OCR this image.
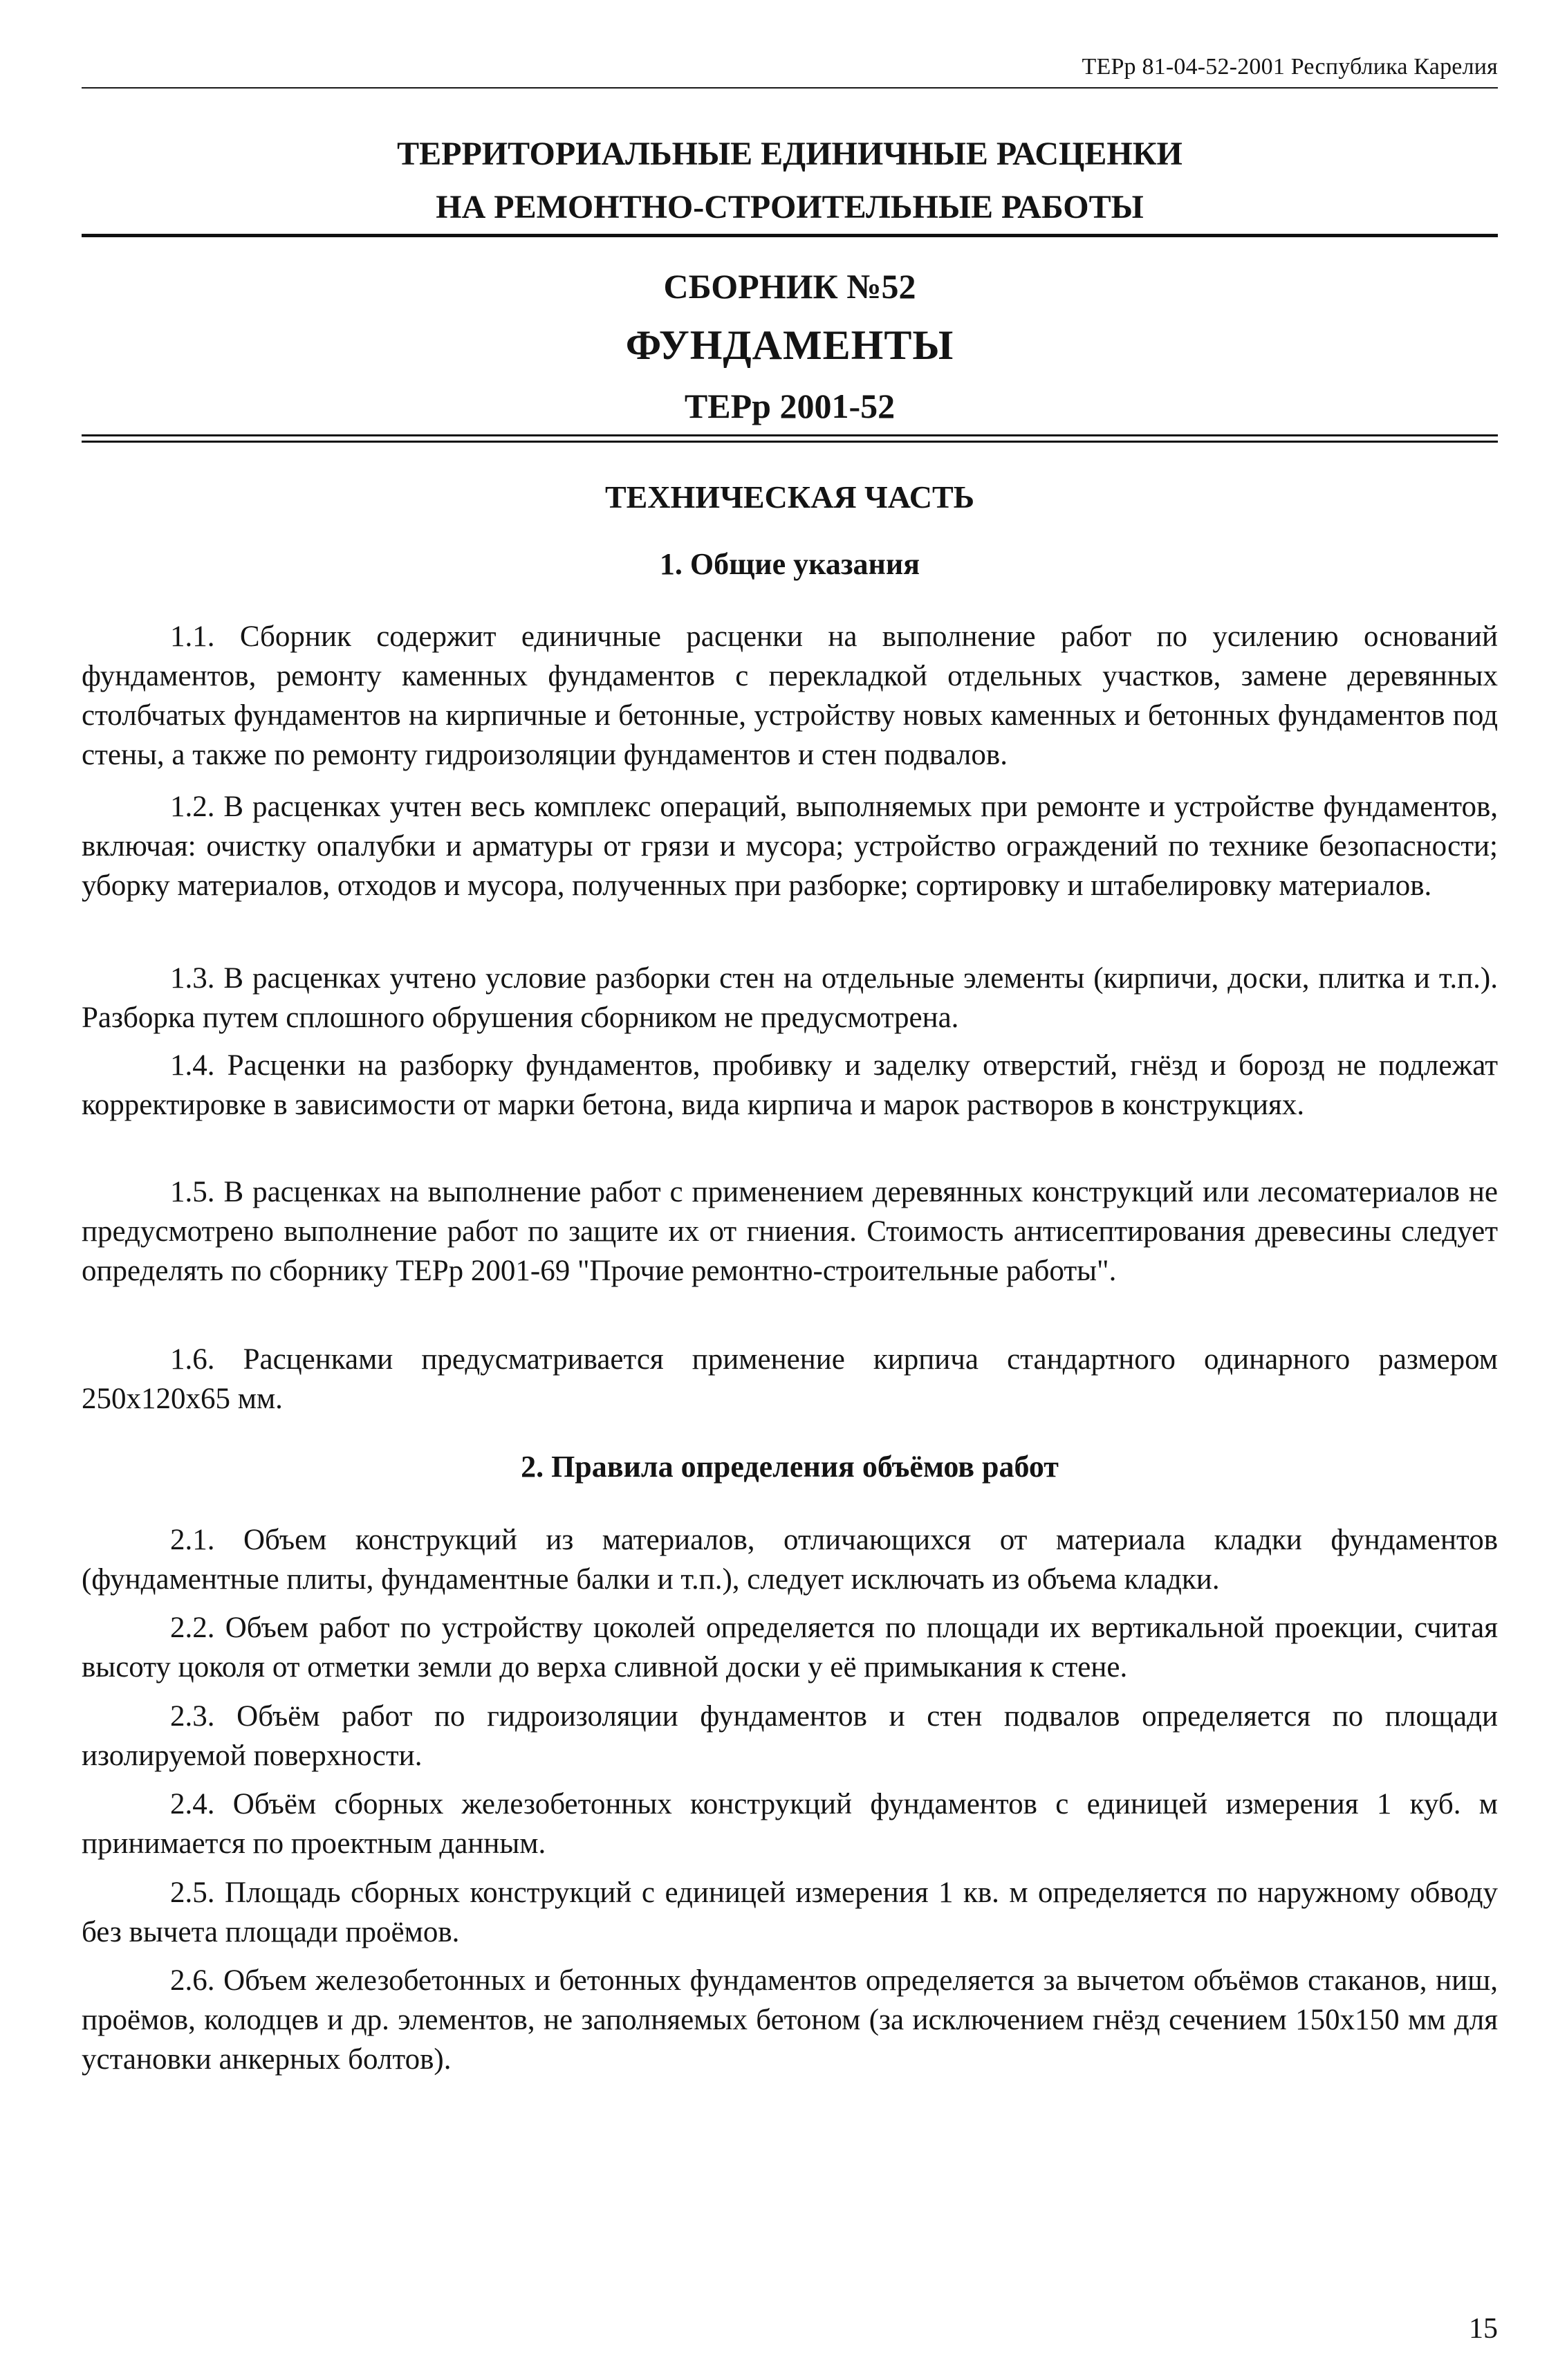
ТЕРр 81-04-52-2001 Республика Карелия
ТЕРРИТОРИАЛЬНЫЕ ЕДИНИЧНЫЕ РАСЦЕНКИ
НА РЕМОНТНО-СТРОИТЕЛЬНЫЕ РАБОТЫ
СБОРНИК №52
ФУНДАМЕНТЫ
ТЕРр 2001-52
ТЕХНИЧЕСКАЯ ЧАСТЬ
1. Общие указания

1.1. Сборник содержит единичные расценки на выполнение работ по усилению оснований фундаментов, ремонту каменных фундаментов с перекладкой отдельных участков, замене деревянных столбчатых фундаментов на кирпичные и бетонные, устройству новых каменных и бетонных фундаментов под стены, а также по ремонту гидроизоляции фундаментов и стен подвалов.

1.2. В расценках учтен весь комплекс операций, выполняемых при ремонте и устройстве фундаментов, включая: очистку опалубки и арматуры от грязи и мусора; устройство ограждений по технике безопасности; уборку материалов, отходов и мусора, полученных при разборке; сортировку и штабелировку материалов.

1.3. В расценках учтено условие разборки стен на отдельные элементы (кирпичи, доски, плитка и т.п.). Разборка путем сплошного обрушения сборником не предусмотрена.

1.4. Расценки на разборку фундаментов, пробивку и заделку отверстий, гнёзд и борозд не подлежат корректировке в зависимости от марки бетона, вида кирпича и марок растворов в конструкциях.

1.5. В расценках на выполнение работ с применением деревянных конструкций или лесоматериалов не предусмотрено выполнение работ по защите их от гниения. Стоимость антисептирования древесины следует определять по сборнику ТЕРр 2001-69 "Прочие ремонтно-строительные работы".

1.6. Расценками предусматривается применение кирпича стандартного одинарного размером 250х120х65 мм.

2. Правила определения объёмов работ

2.1. Объем конструкций из материалов, отличающихся от материала кладки фундаментов (фундаментные плиты, фундаментные балки и т.п.), следует исключать из объема кладки.

2.2. Объем работ по устройству цоколей определяется по площади их вертикальной проекции, считая высоту цоколя от отметки земли до верха сливной доски у её примыкания к стене.

2.3. Объём работ по гидроизоляции фундаментов и стен подвалов определяется по площади изолируемой поверхности.

2.4. Объём сборных железобетонных конструкций фундаментов с единицей измерения 1 куб. м принимается по проектным данным.

2.5. Площадь сборных конструкций с единицей измерения 1 кв. м определяется по наружному обводу без вычета площади проёмов.

2.6. Объем железобетонных и бетонных фундаментов определяется за вычетом объёмов стаканов, ниш, проёмов, колодцев и др. элементов, не заполняемых бетоном (за исключением гнёзд сечением 150х150 мм для установки анкерных болтов).

15
